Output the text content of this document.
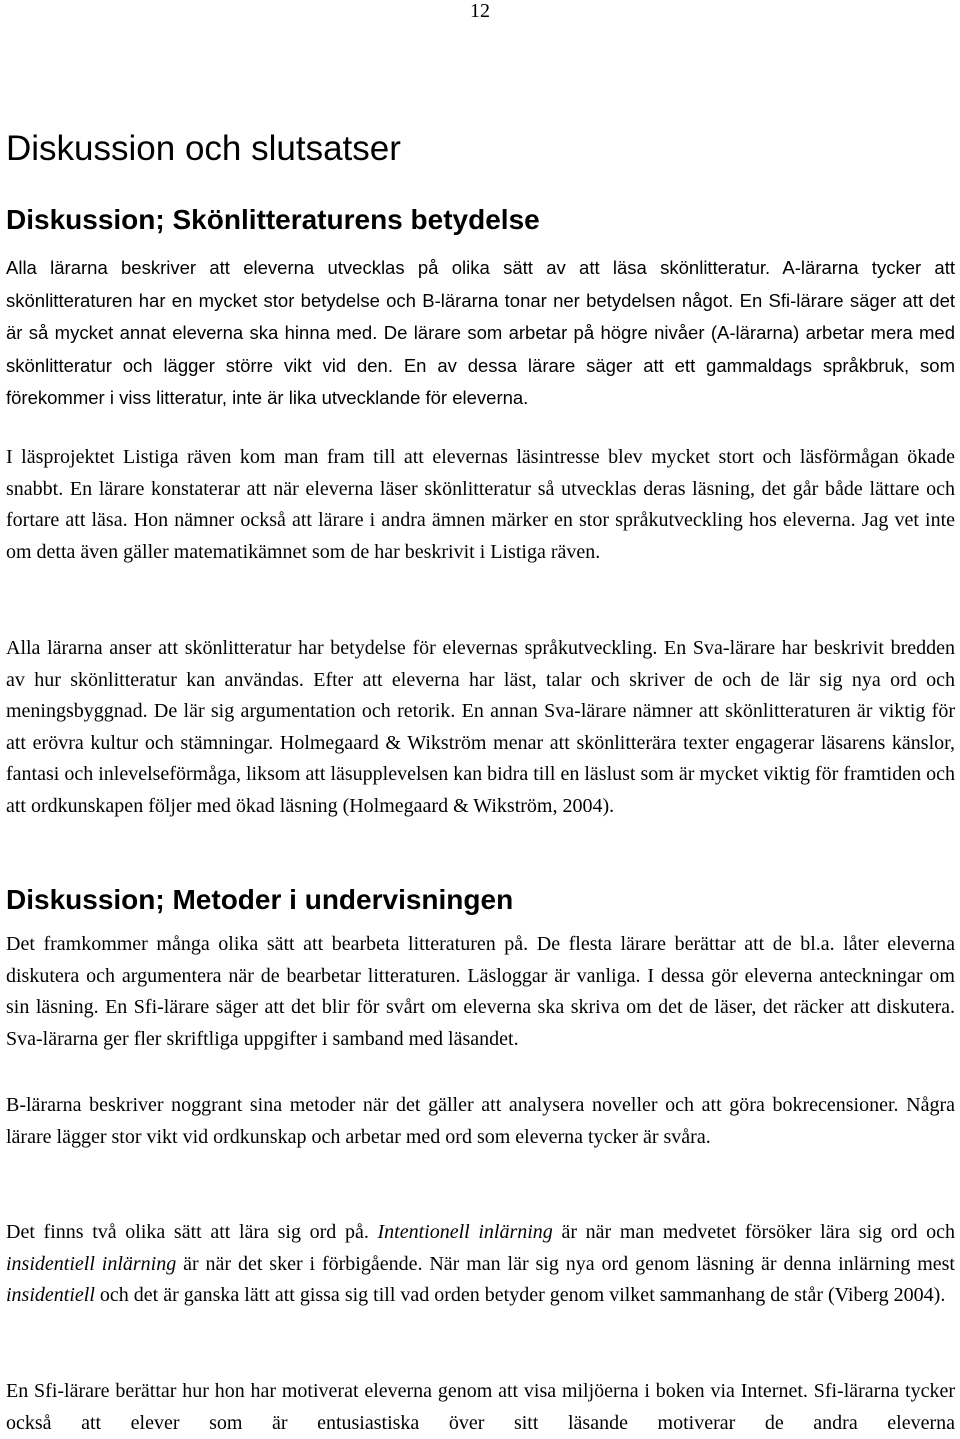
12
Diskussion och slutsatser
Diskussion; Skönlitteraturens betydelse

Alla lärarna beskriver att eleverna utvecklas på olika sätt av att läsa skönlitteratur. A-lärarna tycker att skönlitteraturen har en mycket stor betydelse och B-lärarna tonar ner betydelsen något. En Sfi-lärare säger att det är så mycket annat eleverna ska hinna med. De lärare som arbetar på högre nivåer (A-lärarna) arbetar mera med skönlitteratur och lägger större vikt vid den. En av dessa lärare säger att ett gammaldags språkbruk, som förekommer i viss litteratur, inte är lika utvecklande för eleverna.

I läsprojektet Listiga räven kom man fram till att elevernas läsintresse blev mycket stort och läsförmågan ökade snabbt. En lärare konstaterar att när eleverna läser skönlitteratur så utvecklas deras läsning, det går både lättare och fortare att läsa. Hon nämner också att lärare i andra ämnen märker en stor språkutveckling hos eleverna. Jag vet inte om detta även gäller matematikämnet som de har beskrivit i Listiga räven.

Alla lärarna anser att skönlitteratur har betydelse för elevernas språkutveckling. En Sva-lärare har beskrivit bredden av hur skönlitteratur kan användas. Efter att eleverna har läst, talar och skriver de och de lär sig nya ord och meningsbyggnad. De lär sig argumentation och retorik. En annan Sva-lärare nämner att skönlitteraturen är viktig för att erövra kultur och stämningar. Holmegaard & Wikström menar att skönlitterära texter engagerar läsarens känslor, fantasi och inlevelseförmåga, liksom att läsupplevelsen kan bidra till en läslust som är mycket viktig för framtiden och att ordkunskapen följer med ökad läsning (Holmegaard & Wikström, 2004).

Diskussion; Metoder i undervisningen

Det framkommer många olika sätt att bearbeta litteraturen på. De flesta lärare berättar att de bl.a. låter eleverna diskutera och argumentera när de bearbetar litteraturen. Läsloggar är vanliga. I dessa gör eleverna anteckningar om sin läsning. En Sfi-lärare säger att det blir för svårt om eleverna ska skriva om det de läser, det räcker att diskutera. Sva-lärarna ger fler skriftliga uppgifter i samband med läsandet.

B-lärarna beskriver noggrant sina metoder när det gäller att analysera noveller och att göra bokrecensioner. Några lärare lägger stor vikt vid ordkunskap och arbetar med ord som eleverna tycker är svåra.

Det finns två olika sätt att lära sig ord på. Intentionell inlärning är när man medvetet försöker lära sig ord och insidentiell inlärning är när det sker i förbigående. När man lär sig nya ord genom läsning är denna inlärning mest insidentiell och det är ganska lätt att gissa sig till vad orden betyder genom vilket sammanhang de står (Viberg 2004).

En Sfi-lärare berättar hur hon har motiverat eleverna genom att visa miljöerna i boken via Internet. Sfi-lärarna tycker också att elever som är entusiastiska över sitt läsande motiverar de andra eleverna
